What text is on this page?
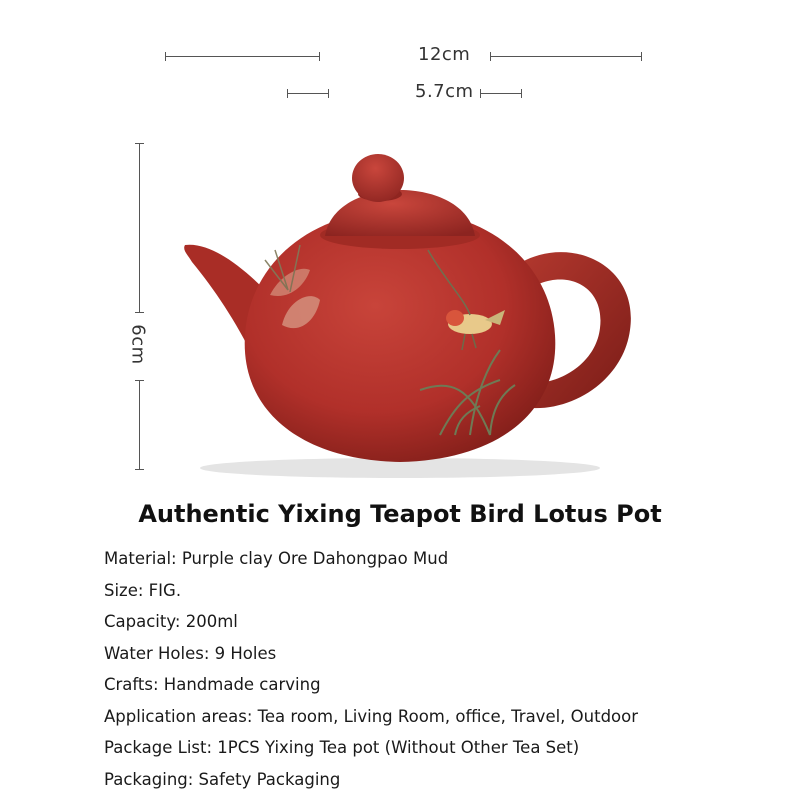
12cm
5.7cm
6cm
Authentic Yixing Teapot Bird Lotus Pot
Material: Purple clay Ore Dahongpao Mud
Size: FIG.
Capacity: 200ml
Water Holes: 9 Holes
Crafts: Handmade carving
Application areas: Tea room, Living Room, office, Travel, Outdoor
Package List: 1PCS Yixing Tea pot (Without Other Tea Set)
Packaging: Safety Packaging
